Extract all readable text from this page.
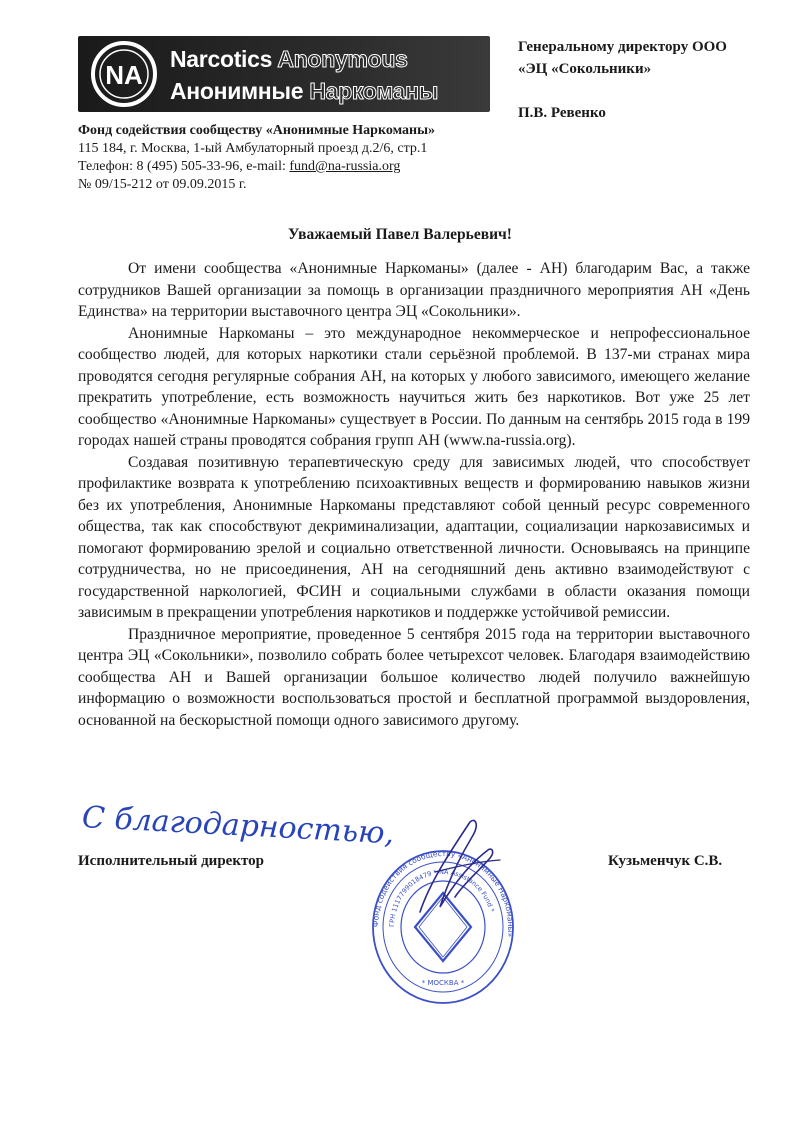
NA
Narcotics Anonymous
Анонимные Наркоманы
Генеральному директору ООО
«ЭЦ «Сокольники»
П.В. Ревенко
Фонд содействия сообществу «Анонимные Наркоманы»
115 184, г. Москва, 1-ый Амбулаторный проезд д.2/6, стр.1
Телефон: 8 (495) 505-33-96, e-mail: fund@na-russia.org
№ 09/15-212 от 09.09.2015 г.
Уважаемый Павел Валерьевич!

От имени сообщества «Анонимные Наркоманы» (далее - АН) благодарим Вас, а также сотрудников Вашей организации за помощь в организации праздничного мероприятия АН «День Единства» на территории выставочного центра ЭЦ «Сокольники».

Анонимные Наркоманы – это международное некоммерческое и непрофессиональное сообщество людей, для которых наркотики стали серьёзной проблемой. В 137-ми странах мира проводятся сегодня регулярные собрания АН, на которых у любого зависимого, имеющего желание прекратить употребление, есть возможность научиться жить без наркотиков. Вот уже 25 лет сообщество «Анонимные Наркоманы» существует в России. По данным на сентябрь 2015 года в 199 городах нашей страны проводятся собрания групп АН (www.na-russia.org).

Создавая позитивную терапевтическую среду для зависимых людей, что способствует профилактике возврата к употреблению психоактивных веществ и формированию навыков жизни без их употребления, Анонимные Наркоманы представляют собой ценный ресурс современного общества, так как способствуют декриминализации, адаптации, социализации наркозависимых и помогают формированию зрелой и социально ответственной личности. Основываясь на принципе сотрудничества, но не присоединения, АН на сегодняшний день активно взаимодействуют с государственной наркологией, ФСИН и социальными службами в области оказания помощи зависимым в прекращении употребления наркотиков и поддержке устойчивой ремиссии.

Праздничное мероприятие, проведенное 5 сентября 2015 года на территории выставочного центра ЭЦ «Сокольники», позволило собрать более четырехсот человек. Благодаря взаимодействию сообщества АН и Вашей организации большое количество людей получило важнейшую информацию о возможности воспользоваться простой и бесплатной программой выздоровления, основанной на бескорыстной помощи одного зависимого другому.

С благодарностью,
Исполнительный директор	Кузьменчук С.В.
Фонд содействия сообществу «Анонимные Наркоманы»
ГРН 1117799018479 * NA Assistance Fund *
* МОСКВА *
